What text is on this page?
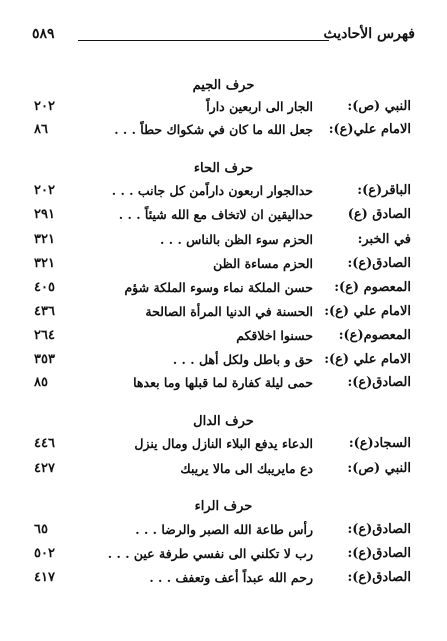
فهرس الأحاديث
٥٨٩
حرف الجيم
النبي (ص):
الجار الى اربعين داراً
٢٠٢
الامام علي(ع):
جعل الله ما كان في شكواك حطاً . . .
٨٦
حرف الحاء
الباقر(ع):
حدالجوار اربعون داراًمن كل جانب . . .
٢٠٢
الصادق (ع)
حداليقين ان لاتخاف مع الله شيئاً . . .
٢٩١
في الخبر:
الحزم سوء الظن بالناس . . .
٣٢١
الصادق(ع):
الحزم مساءة الظن
٣٢١
المعصوم (ع):
حسن الملكة نماء وسوء الملكة شؤم
٤٠٥
الامام علي (ع):
الحسنة في الدنيا المرأة الصالحة
٤٣٦
المعصوم(ع):
حسنوا اخلاقكم
٢٦٤
الامام علي (ع):
حق و باطل ولكل أهل . . .
٣٥٣
الصادق(ع):
حمى ليلة كفارة لما قبلها وما بعدها
٨٥
حرف الدال
السجاد(ع):
الدعاء يدفع البلاء النازل ومال ينزل
٤٤٦
النبي (ص):
دع مايريبك الى مالا يريبك
٤٢٧
حرف الراء
الصادق(ع):
رأس طاعة الله الصبر والرضا . . .
٦٥
الصادق(ع):
رب لا تكلني الى نفسي طرفة عين . . .
٥٠٢
الصادق(ع):
رحم الله عبداً أعف وتعفف . . .
٤١٧
